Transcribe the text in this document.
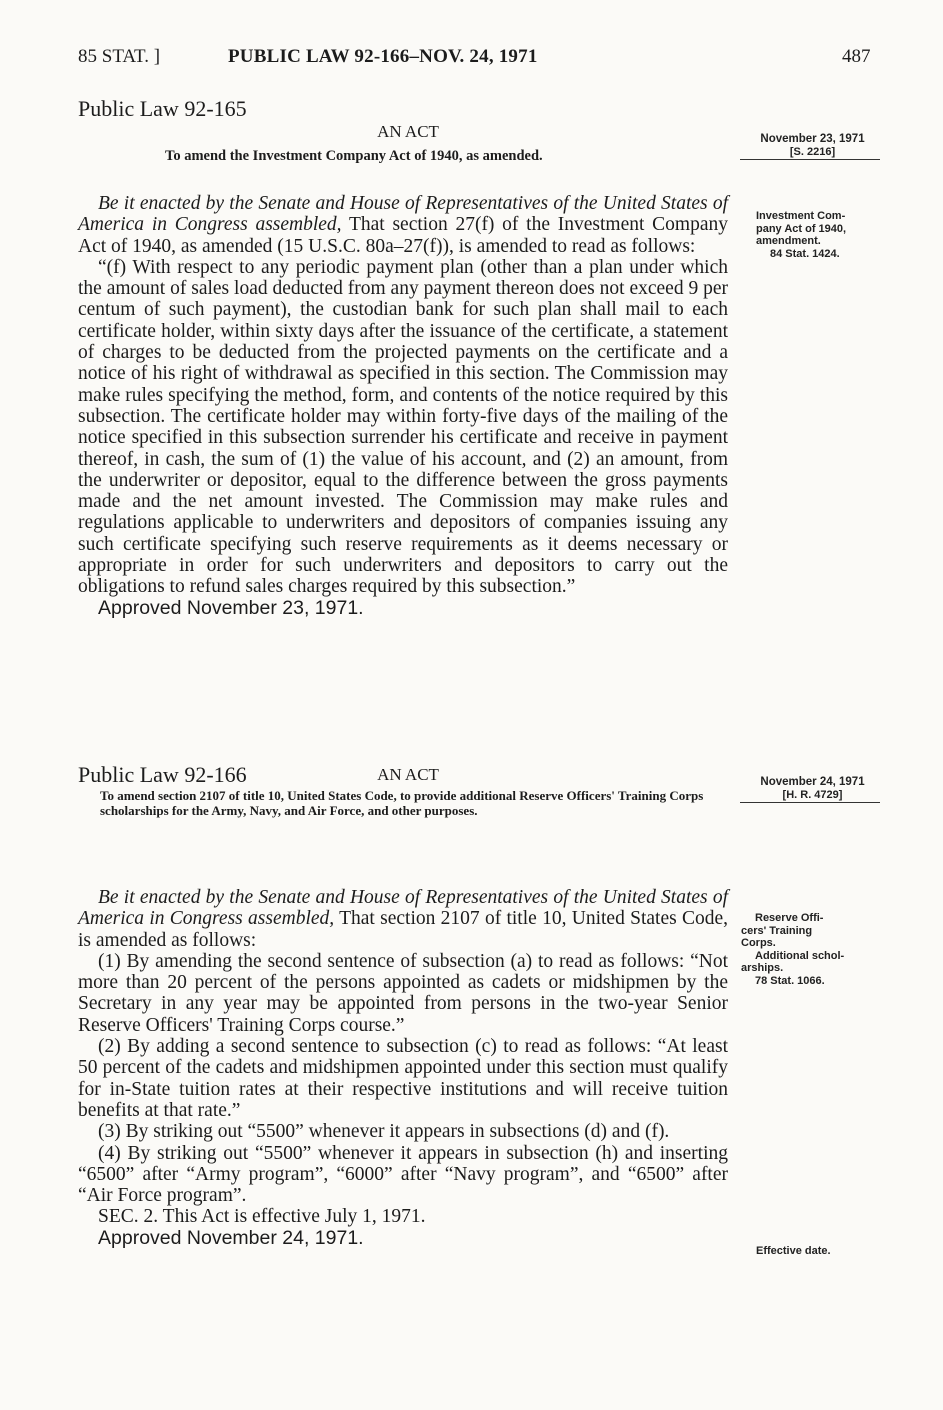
85 STAT. ]	PUBLIC LAW 92-166–NOV. 24, 1971	487
Public Law 92-165
AN ACT
To amend the Investment Company Act of 1940, as amended.
November 23, 1971
[S. 2216]
Investment Com-
pany Act of 1940,
amendment.
84 Stat. 1424.

Be it enacted by the Senate and House of Representatives of the United States of America in Congress assembled, That section 27(f) of the Investment Company Act of 1940, as amended (15 U.S.C. 80a–27(f)), is amended to read as follows:

“(f) With respect to any periodic payment plan (other than a plan under which the amount of sales load deducted from any payment thereon does not exceed 9 per centum of such payment), the custodian bank for such plan shall mail to each certificate holder, within sixty days after the issuance of the certificate, a statement of charges to be deducted from the projected payments on the certificate and a notice of his right of withdrawal as specified in this section. The Commission may make rules specifying the method, form, and contents of the notice required by this subsection. The certificate holder may within forty-five days of the mailing of the notice specified in this subsection surrender his certificate and receive in payment thereof, in cash, the sum of (1) the value of his account, and (2) an amount, from the underwriter or depositor, equal to the difference between the gross payments made and the net amount invested. The Commission may make rules and regulations applicable to underwriters and depositors of companies issuing any such certificate specifying such reserve requirements as it deems necessary or appropriate in order for such underwriters and depositors to carry out the obligations to refund sales charges required by this subsection.”

Approved November 23, 1971.

Public Law 92-166	AN ACT
To amend section 2107 of title 10, United States Code, to provide additional Reserve Officers' Training Corps scholarships for the Army, Navy, and Air Force, and other purposes.
November 24, 1971
[H. R. 4729]
Reserve Offi-
cers' Training
Corps.
Additional schol-
arships.
78 Stat. 1066.

Be it enacted by the Senate and House of Representatives of the United States of America in Congress assembled, That section 2107 of title 10, United States Code, is amended as follows:

(1) By amending the second sentence of subsection (a) to read as follows: “Not more than 20 percent of the persons appointed as cadets or midshipmen by the Secretary in any year may be appointed from persons in the two-year Senior Reserve Officers' Training Corps course.”

(2) By adding a second sentence to subsection (c) to read as follows: “At least 50 percent of the cadets and midshipmen appointed under this section must qualify for in-State tuition rates at their respective institutions and will receive tuition benefits at that rate.”

(3) By striking out “5500” whenever it appears in subsections (d) and (f).

(4) By striking out “5500” whenever it appears in subsection (h) and inserting “6500” after “Army program”, “6000” after “Navy program”, and “6500” after “Air Force program”.

SEC. 2. This Act is effective July 1, 1971.

Approved November 24, 1971.

Effective date.
